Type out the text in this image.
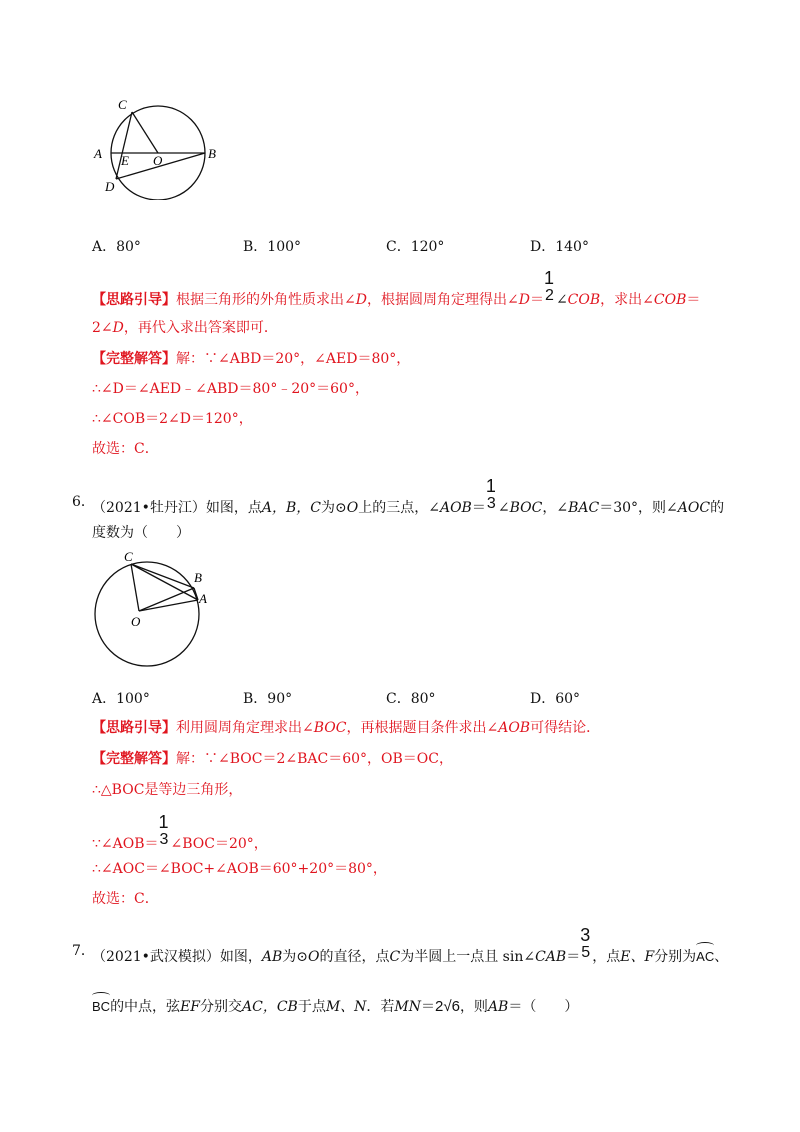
C
A E O	B
D
A．80°	B．100°	C．120°	D．140°
【思路引导】根据三角形的外角性质求出∠D，根据圆周角定理得出∠D＝
1
2 ∠COB，求出∠COB＝
2∠D，再代入求出答案即可．
【完整解答】解：∵∠ABD＝20°，∠AED＝80°，
∴∠D＝∠AED﹣∠ABD＝80°﹣20°＝60°，
∴∠COB＝2∠D＝120°，
故选：C．
6．
（2021•牡丹江）如图，点A，B，C为⊙O上的三点，∠AOB＝
1
3 ∠BOC，∠BAC＝30°，则∠AOC的
度数为（　　）
C
B
A
O
A．100°	B．90°	C．80°	D．60°
【思路引导】利用圆周角定理求出∠BOC，再根据题目条件求出∠AOB可得结论．
【完整解答】解：∵∠BOC＝2∠BAC＝60°，OB＝OC，
∴△BOC是等边三角形，
∵∠AOB＝
1
3 ∠BOC＝20°，
∴∠AOC＝∠BOC+∠AOB＝60°+20°＝80°，
故选：C．
7．
（2021•武汉模拟）如图，AB为⊙O的直径，点C为半圆上一点且 sin∠CAB＝
3
5 ，点E、F分别为AC、
BC的中点，弦EF分别交AC，CB于点M、N．若MN＝2√6，则AB＝（　　）
